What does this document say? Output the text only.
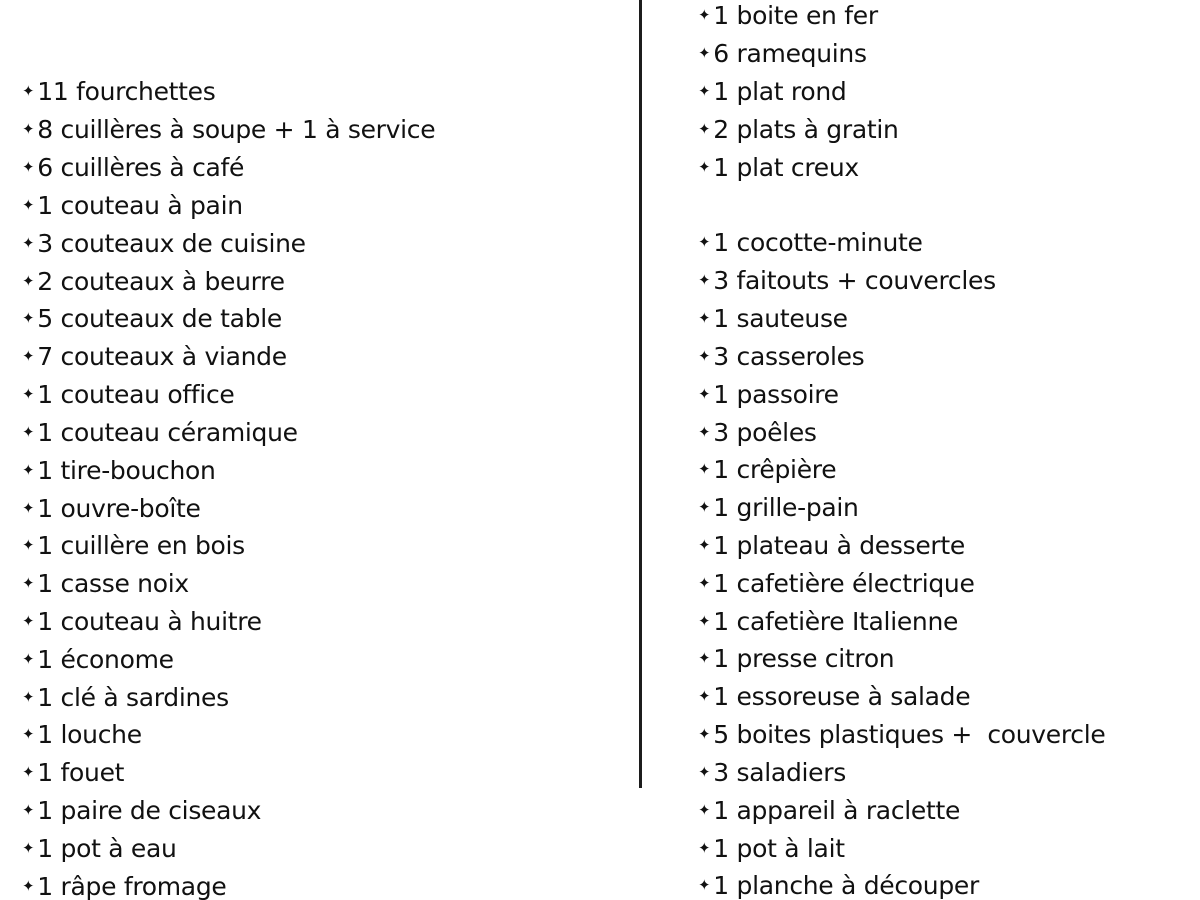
✦ 11 fourchettes
✦ 8 cuillères à soupe + 1 à service
✦ 6 cuillères à café
✦ 1 couteau à pain
✦ 3 couteaux de cuisine
✦ 2 couteaux à beurre
✦ 5 couteaux de table
✦ 7 couteaux à viande
✦ 1 couteau office
✦ 1 couteau céramique
✦ 1 tire-bouchon
✦ 1 ouvre-boîte
✦ 1 cuillère en bois
✦ 1 casse noix
✦ 1 couteau à huitre
✦ 1 économe
✦ 1 clé à sardines
✦ 1 louche
✦ 1 fouet
✦ 1 paire de ciseaux
✦ 1 pot à eau
✦ 1 râpe fromage
✦ 1 boite en fer
✦ 6 ramequins
✦ 1 plat rond
✦ 2 plats à gratin
✦ 1 plat creux
✦ 1 cocotte-minute
✦ 3 faitouts + couvercles
✦ 1 sauteuse
✦ 3 casseroles
✦ 1 passoire
✦ 3 poêles
✦ 1 crêpière
✦ 1 grille-pain
✦ 1 plateau à desserte
✦ 1 cafetière électrique
✦ 1 cafetière Italienne
✦ 1 presse citron
✦ 1 essoreuse à salade
✦ 5 boites plastiques +  couvercle
✦ 3 saladiers
✦ 1 appareil à raclette
✦ 1 pot à lait
✦ 1 planche à découper
